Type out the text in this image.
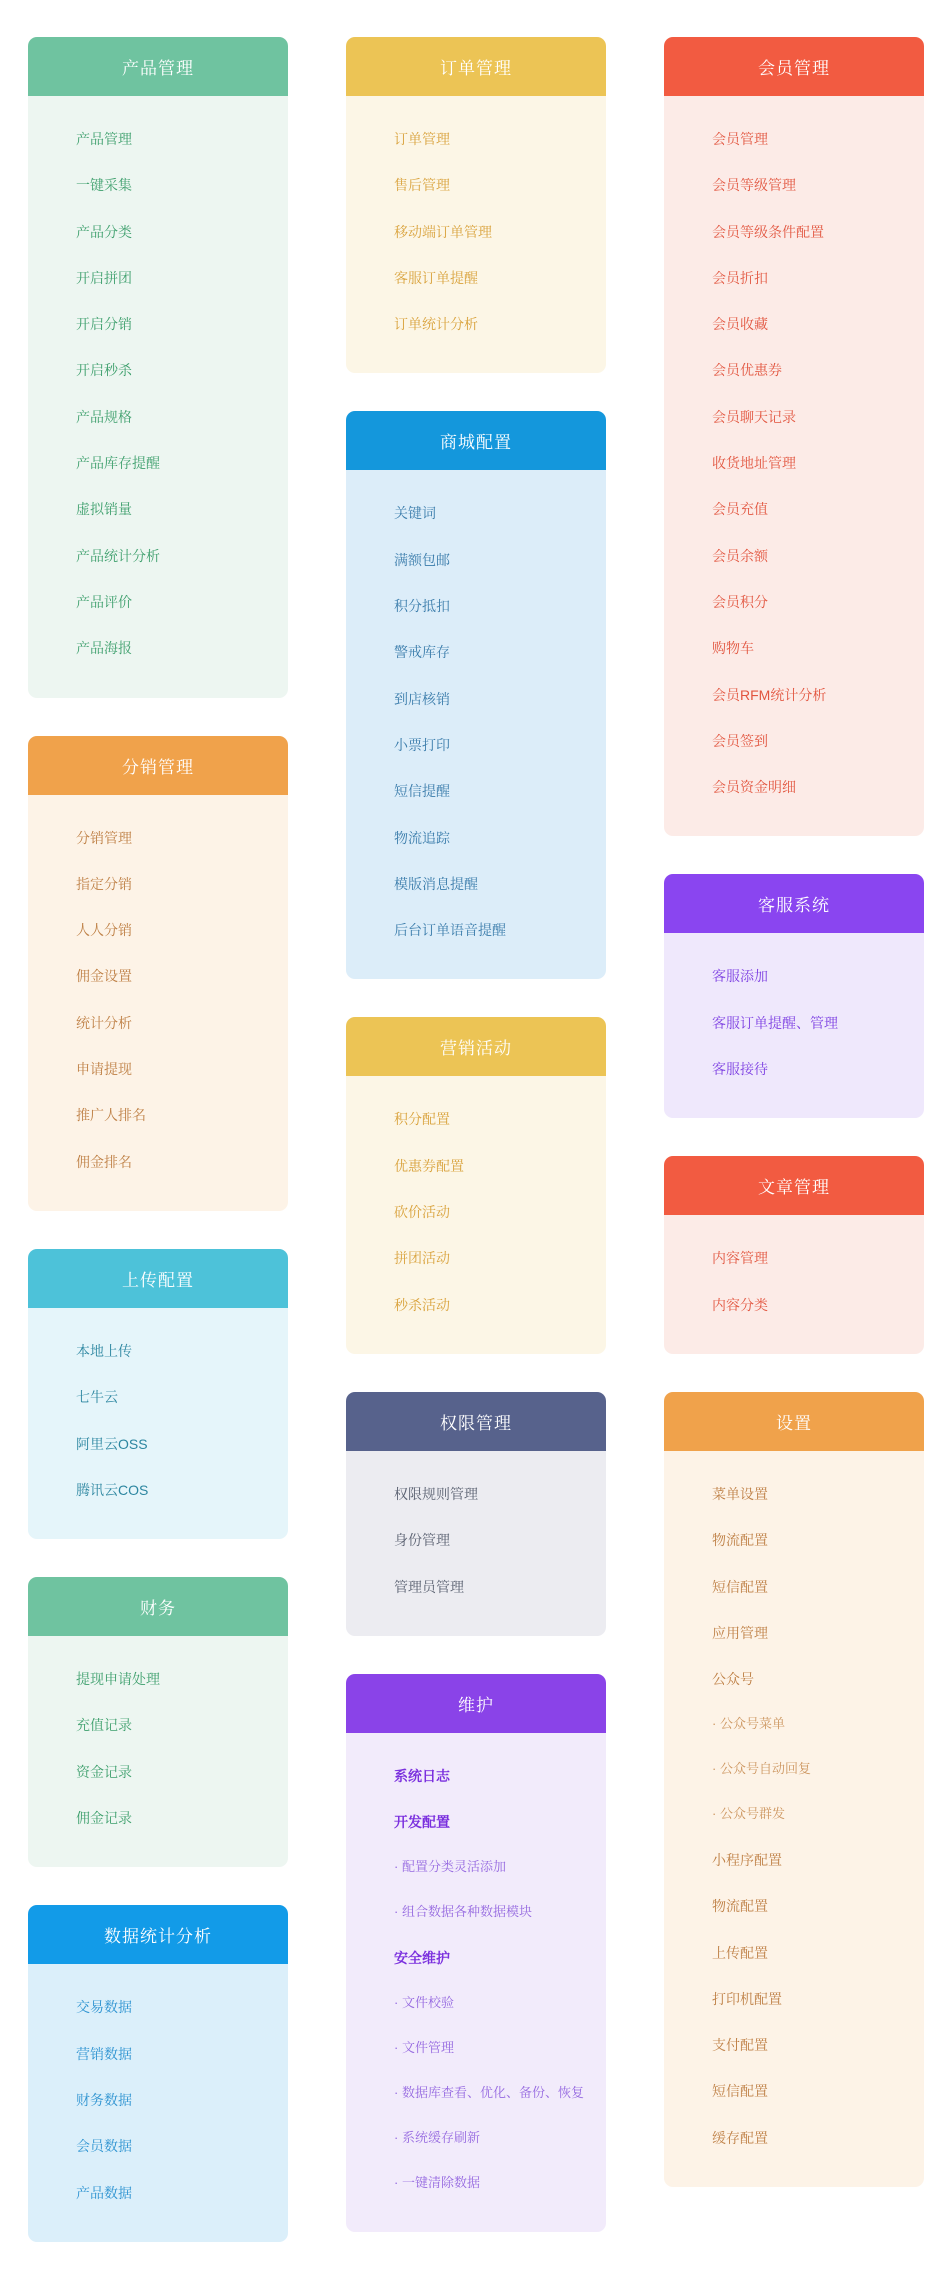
产品管理
产品管理
一键采集
产品分类
开启拼团
开启分销
开启秒杀
产品规格
产品库存提醒
虚拟销量
产品统计分析
产品评价
产品海报
分销管理
分销管理
指定分销
人人分销
佣金设置
统计分析
申请提现
推广人排名
佣金排名
上传配置
本地上传
七牛云
阿里云OSS
腾讯云COS
财务
提现申请处理
充值记录
资金记录
佣金记录
数据统计分析
交易数据
营销数据
财务数据
会员数据
产品数据
订单管理
订单管理
售后管理
移动端订单管理
客服订单提醒
订单统计分析
商城配置
关键词
满额包邮
积分抵扣
警戒库存
到店核销
小票打印
短信提醒
物流追踪
模版消息提醒
后台订单语音提醒
营销活动
积分配置
优惠券配置
砍价活动
拼团活动
秒杀活动
权限管理
权限规则管理
身份管理
管理员管理
维护
系统日志
开发配置
· 配置分类灵活添加
· 组合数据各种数据模块
安全维护
· 文件校验
· 文件管理
· 数据库查看、优化、备份、恢复
· 系统缓存刷新
· 一键清除数据
会员管理
会员管理
会员等级管理
会员等级条件配置
会员折扣
会员收藏
会员优惠券
会员聊天记录
收货地址管理
会员充值
会员余额
会员积分
购物车
会员RFM统计分析
会员签到
会员资金明细
客服系统
客服添加
客服订单提醒、管理
客服接待
文章管理
内容管理
内容分类
设置
菜单设置
物流配置
短信配置
应用管理
公众号
· 公众号菜单
· 公众号自动回复
· 公众号群发
小程序配置
物流配置
上传配置
打印机配置
支付配置
短信配置
缓存配置
